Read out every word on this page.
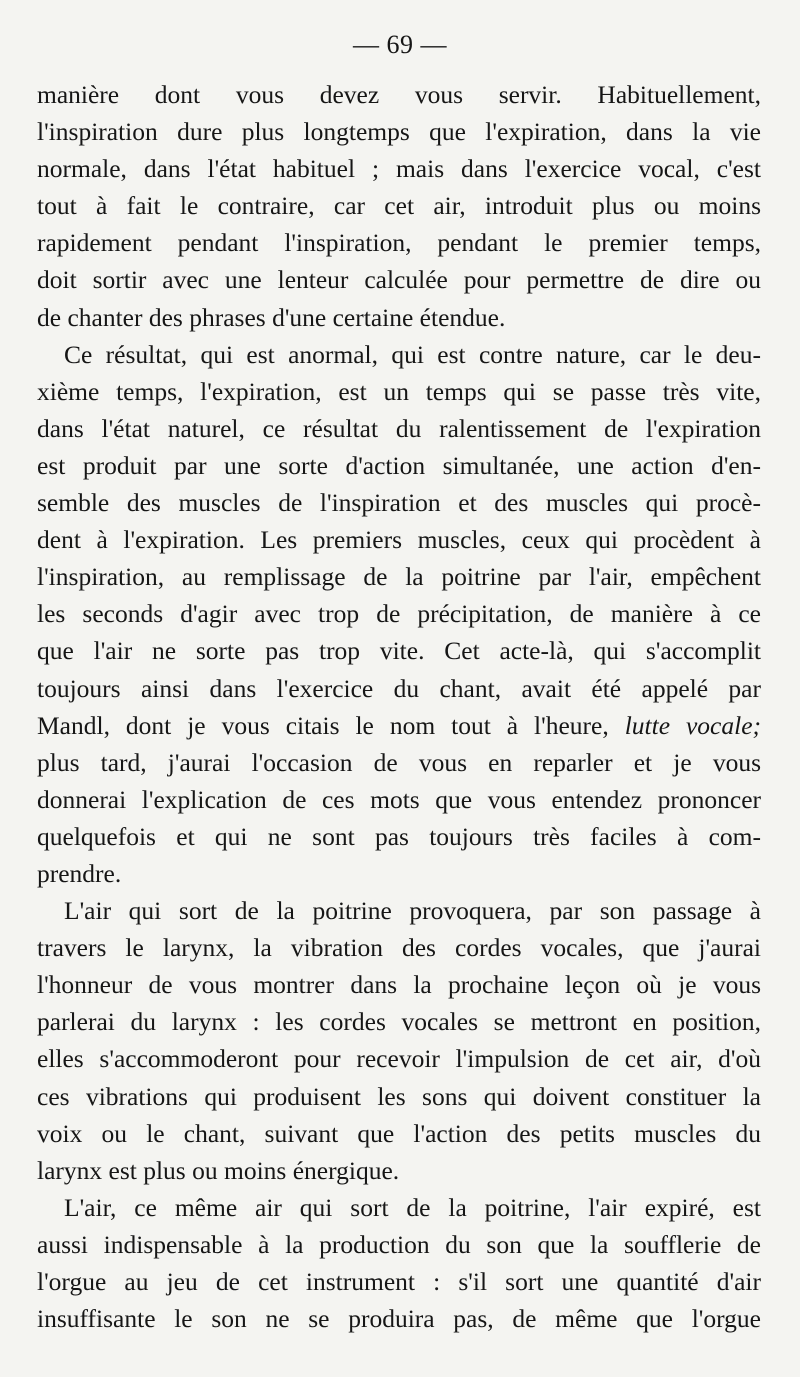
— 69 —
manière dont vous devez vous servir. Habituellement,
l'inspiration dure plus longtemps que l'expiration, dans la vie
normale, dans l'état habituel ; mais dans l'exercice vocal, c'est
tout à fait le contraire, car cet air, introduit plus ou moins
rapidement pendant l'inspiration, pendant le premier temps,
doit sortir avec une lenteur calculée pour permettre de dire ou
de chanter des phrases d'une certaine étendue.
Ce résultat, qui est anormal, qui est contre nature, car le deu-
xième temps, l'expiration, est un temps qui se passe très vite,
dans l'état naturel, ce résultat du ralentissement de l'expiration
est produit par une sorte d'action simultanée, une action d'en-
semble des muscles de l'inspiration et des muscles qui procè-
dent à l'expiration. Les premiers muscles, ceux qui procèdent à
l'inspiration, au remplissage de la poitrine par l'air, empêchent
les seconds d'agir avec trop de précipitation, de manière à ce
que l'air ne sorte pas trop vite. Cet acte-là, qui s'accomplit
toujours ainsi dans l'exercice du chant, avait été appelé par
Mandl, dont je vous citais le nom tout à l'heure, lutte vocale;
plus tard, j'aurai l'occasion de vous en reparler et je vous
donnerai l'explication de ces mots que vous entendez prononcer
quelquefois et qui ne sont pas toujours très faciles à com-
prendre.
L'air qui sort de la poitrine provoquera, par son passage à
travers le larynx, la vibration des cordes vocales, que j'aurai
l'honneur de vous montrer dans la prochaine leçon où je vous
parlerai du larynx : les cordes vocales se mettront en position,
elles s'accommoderont pour recevoir l'impulsion de cet air, d'où
ces vibrations qui produisent les sons qui doivent constituer la
voix ou le chant, suivant que l'action des petits muscles du
larynx est plus ou moins énergique.
L'air, ce même air qui sort de la poitrine, l'air expiré, est
aussi indispensable à la production du son que la soufflerie de
l'orgue au jeu de cet instrument : s'il sort une quantité d'air
insuffisante le son ne se produira pas, de même que l'orgue
